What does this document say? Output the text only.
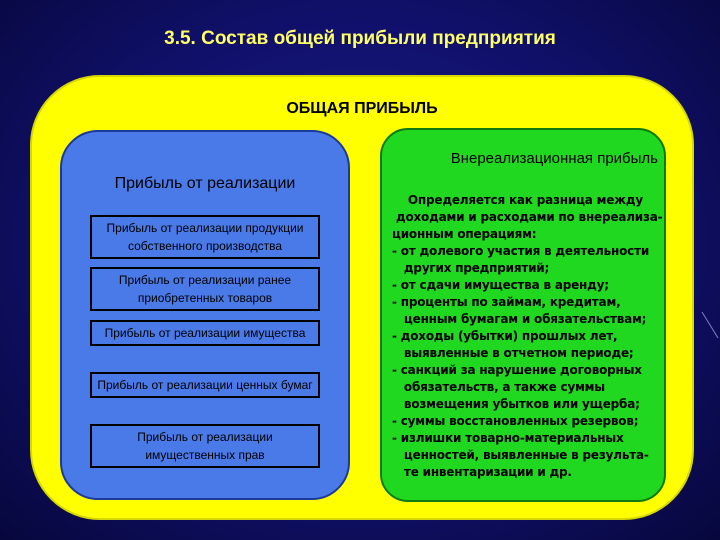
3.5. Состав общей прибыли предприятия
ОБЩАЯ ПРИБЫЛЬ
Прибыль от реализации
Прибыль от реализации продукции собственного производства
Прибыль от реализации ранее приобретенных товаров
Прибыль от реализации имущества
Прибыль от реализации ценных бумаг
Прибыль от реализации имущественных прав
Внереализационная прибыль
Определяется как разница между
доходами и расходами по внереализа-
ционным операциям:
- от долевого участия в деятельности
других предприятий;
- от сдачи имущества в аренду;
- проценты по займам, кредитам,
ценным бумагам и обязательствам;
- доходы (убытки) прошлых лет,
выявленные в отчетном периоде;
- санкций за нарушение договорных
обязательств, а также суммы
возмещения убытков или ущерба;
- суммы восстановленных резервов;
- излишки товарно-материальных
ценностей, выявленные в результа-
те инвентаризации и др.
